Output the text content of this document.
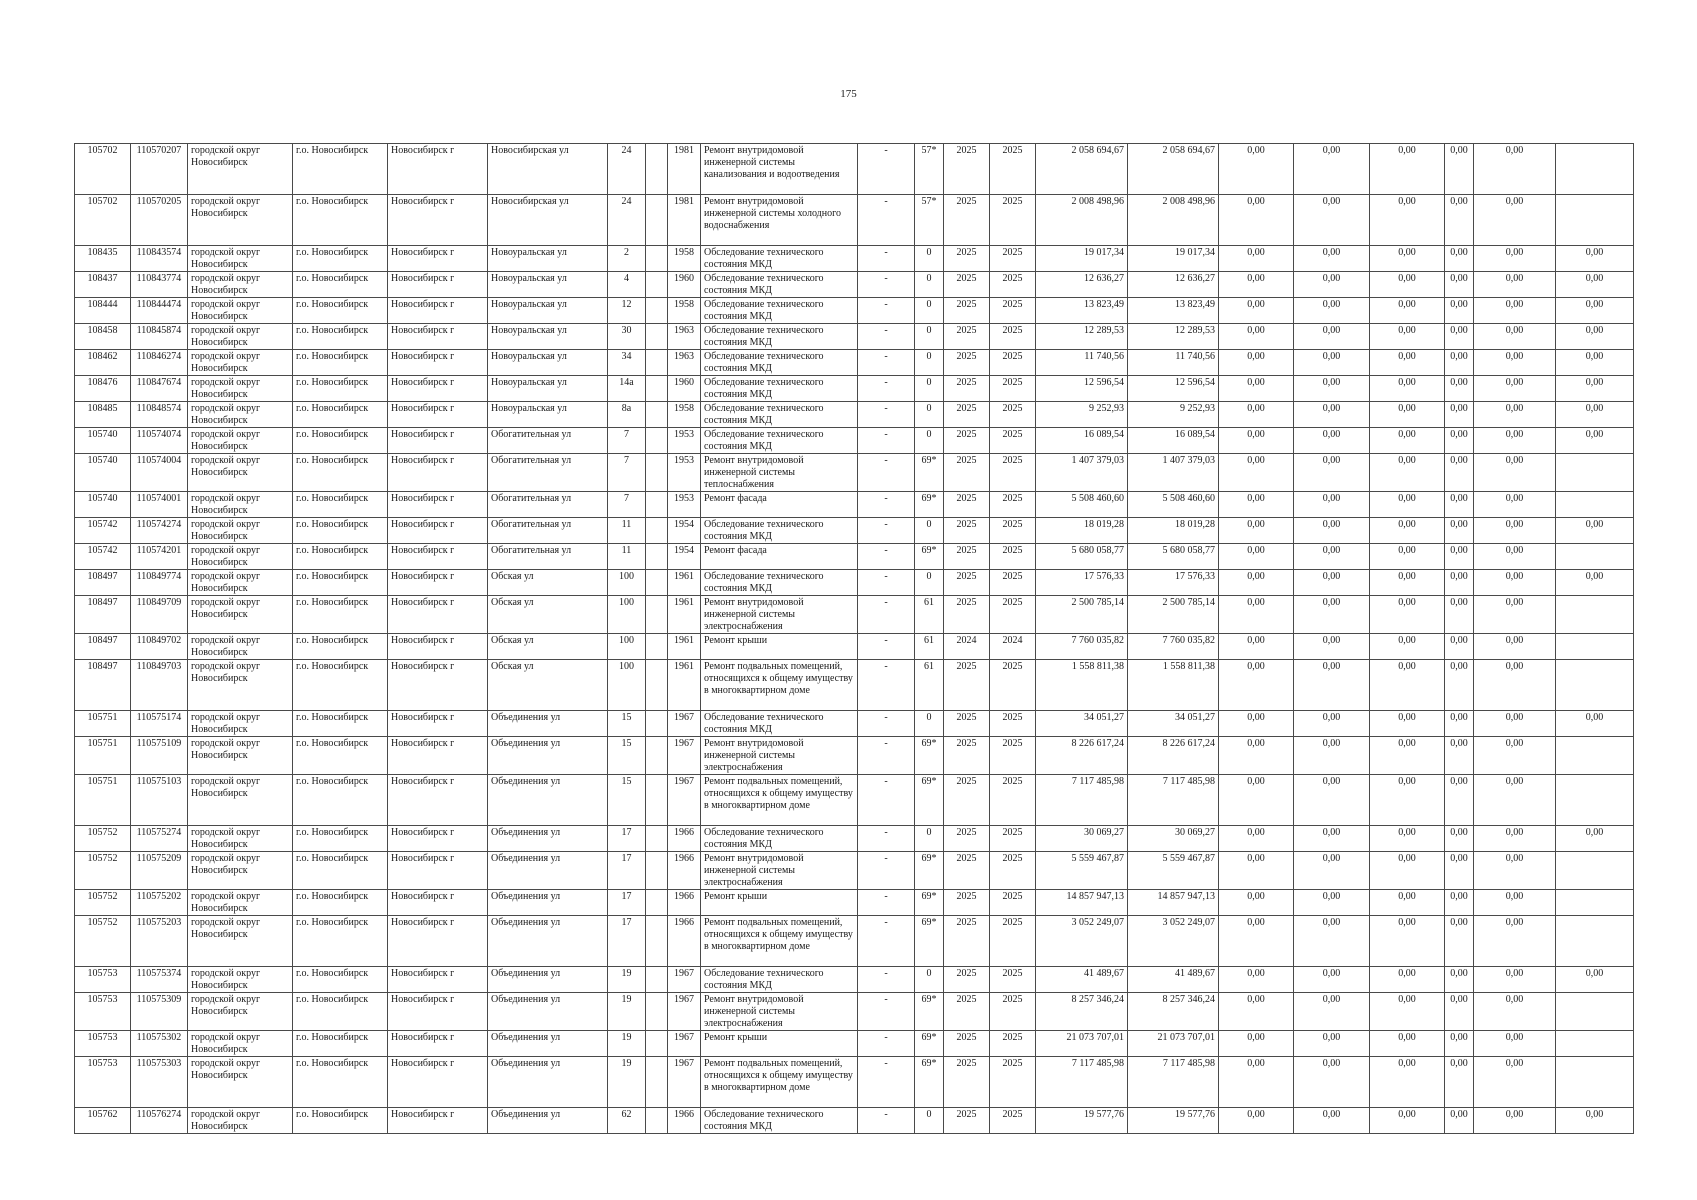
175
105702	110570207	городской округ Новосибирск	г.о. Новосибирск	Новосибирск г	Новосибирская ул	24		1981	Ремонт внутридомовой инженерной системы канализования и водоотведения	-	57*	2025	2025	2 058 694,67	2 058 694,67	0,00	0,00	0,00	0,00	0,00	
105702	110570205	городской округ Новосибирск	г.о. Новосибирск	Новосибирск г	Новосибирская ул	24		1981	Ремонт внутридомовой инженерной системы холодного водоснабжения	-	57*	2025	2025	2 008 498,96	2 008 498,96	0,00	0,00	0,00	0,00	0,00	
108435	110843574	городской округ Новосибирск	г.о. Новосибирск	Новосибирск г	Новоуральская ул	2		1958	Обследование технического состояния МКД	-	0	2025	2025	19 017,34	19 017,34	0,00	0,00	0,00	0,00	0,00	0,00
108437	110843774	городской округ Новосибирск	г.о. Новосибирск	Новосибирск г	Новоуральская ул	4		1960	Обследование технического состояния МКД	-	0	2025	2025	12 636,27	12 636,27	0,00	0,00	0,00	0,00	0,00	0,00
108444	110844474	городской округ Новосибирск	г.о. Новосибирск	Новосибирск г	Новоуральская ул	12		1958	Обследование технического состояния МКД	-	0	2025	2025	13 823,49	13 823,49	0,00	0,00	0,00	0,00	0,00	0,00
108458	110845874	городской округ Новосибирск	г.о. Новосибирск	Новосибирск г	Новоуральская ул	30		1963	Обследование технического состояния МКД	-	0	2025	2025	12 289,53	12 289,53	0,00	0,00	0,00	0,00	0,00	0,00
108462	110846274	городской округ Новосибирск	г.о. Новосибирск	Новосибирск г	Новоуральская ул	34		1963	Обследование технического состояния МКД	-	0	2025	2025	11 740,56	11 740,56	0,00	0,00	0,00	0,00	0,00	0,00
108476	110847674	городской округ Новосибирск	г.о. Новосибирск	Новосибирск г	Новоуральская ул	14а		1960	Обследование технического состояния МКД	-	0	2025	2025	12 596,54	12 596,54	0,00	0,00	0,00	0,00	0,00	0,00
108485	110848574	городской округ Новосибирск	г.о. Новосибирск	Новосибирск г	Новоуральская ул	8а		1958	Обследование технического состояния МКД	-	0	2025	2025	9 252,93	9 252,93	0,00	0,00	0,00	0,00	0,00	0,00
105740	110574074	городской округ Новосибирск	г.о. Новосибирск	Новосибирск г	Обогатительная ул	7		1953	Обследование технического состояния МКД	-	0	2025	2025	16 089,54	16 089,54	0,00	0,00	0,00	0,00	0,00	0,00
105740	110574004	городской округ Новосибирск	г.о. Новосибирск	Новосибирск г	Обогатительная ул	7		1953	Ремонт внутридомовой инженерной системы теплоснабжения	-	69*	2025	2025	1 407 379,03	1 407 379,03	0,00	0,00	0,00	0,00	0,00	
105740	110574001	городской округ Новосибирск	г.о. Новосибирск	Новосибирск г	Обогатительная ул	7		1953	Ремонт фасада	-	69*	2025	2025	5 508 460,60	5 508 460,60	0,00	0,00	0,00	0,00	0,00	
105742	110574274	городской округ Новосибирск	г.о. Новосибирск	Новосибирск г	Обогатительная ул	11		1954	Обследование технического состояния МКД	-	0	2025	2025	18 019,28	18 019,28	0,00	0,00	0,00	0,00	0,00	0,00
105742	110574201	городской округ Новосибирск	г.о. Новосибирск	Новосибирск г	Обогатительная ул	11		1954	Ремонт фасада	-	69*	2025	2025	5 680 058,77	5 680 058,77	0,00	0,00	0,00	0,00	0,00	
108497	110849774	городской округ Новосибирск	г.о. Новосибирск	Новосибирск г	Обская ул	100		1961	Обследование технического состояния МКД	-	0	2025	2025	17 576,33	17 576,33	0,00	0,00	0,00	0,00	0,00	0,00
108497	110849709	городской округ Новосибирск	г.о. Новосибирск	Новосибирск г	Обская ул	100		1961	Ремонт внутридомовой инженерной системы электроснабжения	-	61	2025	2025	2 500 785,14	2 500 785,14	0,00	0,00	0,00	0,00	0,00	
108497	110849702	городской округ Новосибирск	г.о. Новосибирск	Новосибирск г	Обская ул	100		1961	Ремонт крыши	-	61	2024	2024	7 760 035,82	7 760 035,82	0,00	0,00	0,00	0,00	0,00	
108497	110849703	городской округ Новосибирск	г.о. Новосибирск	Новосибирск г	Обская ул	100		1961	Ремонт подвальных помещений, относящихся к общему имуществу в многоквартирном доме	-	61	2025	2025	1 558 811,38	1 558 811,38	0,00	0,00	0,00	0,00	0,00	
105751	110575174	городской округ Новосибирск	г.о. Новосибирск	Новосибирск г	Объединения ул	15		1967	Обследование технического состояния МКД	-	0	2025	2025	34 051,27	34 051,27	0,00	0,00	0,00	0,00	0,00	0,00
105751	110575109	городской округ Новосибирск	г.о. Новосибирск	Новосибирск г	Объединения ул	15		1967	Ремонт внутридомовой инженерной системы электроснабжения	-	69*	2025	2025	8 226 617,24	8 226 617,24	0,00	0,00	0,00	0,00	0,00	
105751	110575103	городской округ Новосибирск	г.о. Новосибирск	Новосибирск г	Объединения ул	15		1967	Ремонт подвальных помещений, относящихся к общему имуществу в многоквартирном доме	-	69*	2025	2025	7 117 485,98	7 117 485,98	0,00	0,00	0,00	0,00	0,00	
105752	110575274	городской округ Новосибирск	г.о. Новосибирск	Новосибирск г	Объединения ул	17		1966	Обследование технического состояния МКД	-	0	2025	2025	30 069,27	30 069,27	0,00	0,00	0,00	0,00	0,00	0,00
105752	110575209	городской округ Новосибирск	г.о. Новосибирск	Новосибирск г	Объединения ул	17		1966	Ремонт внутридомовой инженерной системы электроснабжения	-	69*	2025	2025	5 559 467,87	5 559 467,87	0,00	0,00	0,00	0,00	0,00	
105752	110575202	городской округ Новосибирск	г.о. Новосибирск	Новосибирск г	Объединения ул	17		1966	Ремонт крыши	-	69*	2025	2025	14 857 947,13	14 857 947,13	0,00	0,00	0,00	0,00	0,00	
105752	110575203	городской округ Новосибирск	г.о. Новосибирск	Новосибирск г	Объединения ул	17		1966	Ремонт подвальных помещений, относящихся к общему имуществу в многоквартирном доме	-	69*	2025	2025	3 052 249,07	3 052 249,07	0,00	0,00	0,00	0,00	0,00	
105753	110575374	городской округ Новосибирск	г.о. Новосибирск	Новосибирск г	Объединения ул	19		1967	Обследование технического состояния МКД	-	0	2025	2025	41 489,67	41 489,67	0,00	0,00	0,00	0,00	0,00	0,00
105753	110575309	городской округ Новосибирск	г.о. Новосибирск	Новосибирск г	Объединения ул	19		1967	Ремонт внутридомовой инженерной системы электроснабжения	-	69*	2025	2025	8 257 346,24	8 257 346,24	0,00	0,00	0,00	0,00	0,00	
105753	110575302	городской округ Новосибирск	г.о. Новосибирск	Новосибирск г	Объединения ул	19		1967	Ремонт крыши	-	69*	2025	2025	21 073 707,01	21 073 707,01	0,00	0,00	0,00	0,00	0,00	
105753	110575303	городской округ Новосибирск	г.о. Новосибирск	Новосибирск г	Объединения ул	19		1967	Ремонт подвальных помещений, относящихся к общему имуществу в многоквартирном доме	-	69*	2025	2025	7 117 485,98	7 117 485,98	0,00	0,00	0,00	0,00	0,00	
105762	110576274	городской округ Новосибирск	г.о. Новосибирск	Новосибирск г	Объединения ул	62		1966	Обследование технического состояния МКД	-	0	2025	2025	19 577,76	19 577,76	0,00	0,00	0,00	0,00	0,00	0,00
